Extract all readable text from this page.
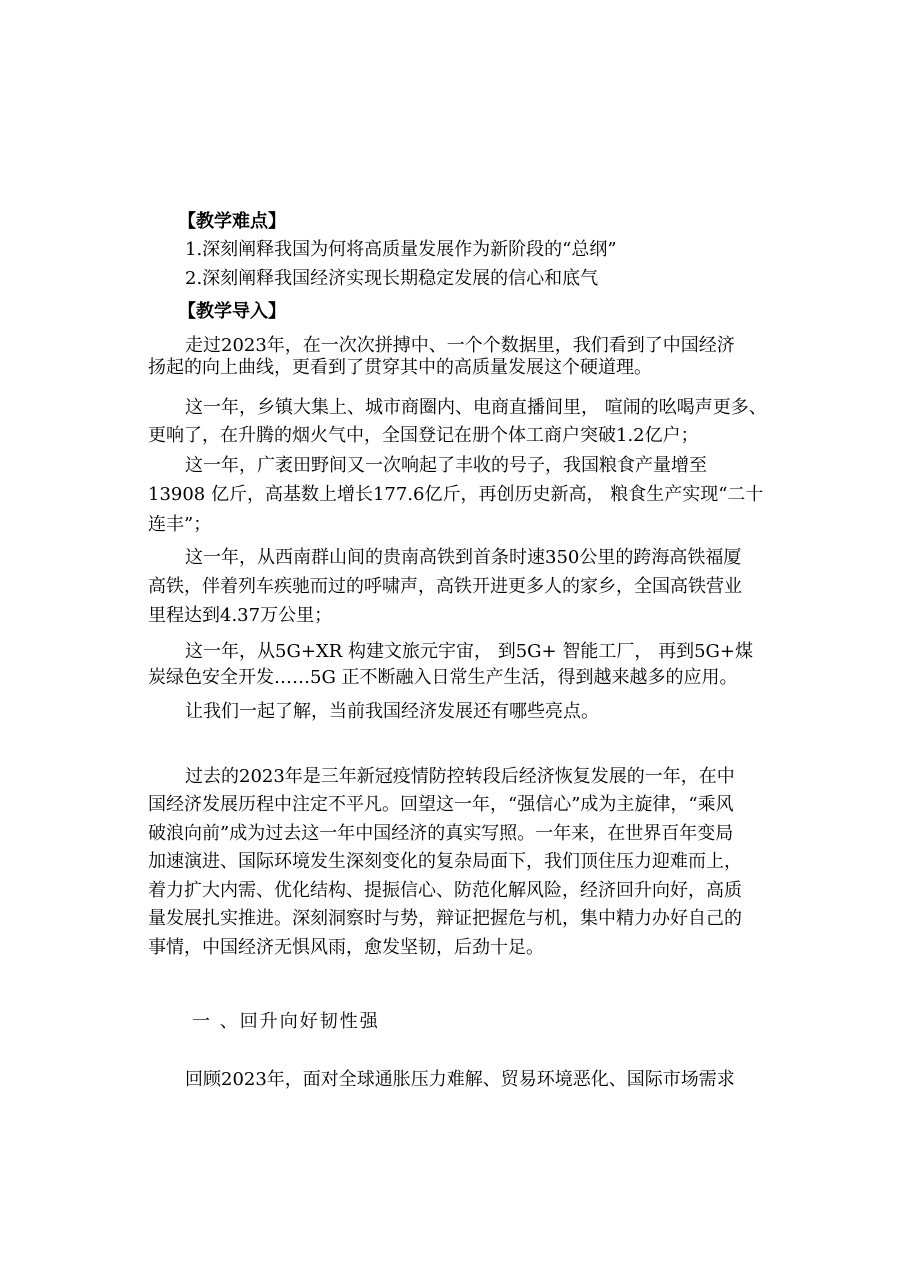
【教学难点】
1.深刻阐释我国为何将高质量发展作为新阶段的“总纲”
2.深刻阐释我国经济实现长期稳定发展的信心和底气
【教学导入】
走过2023年，在一次次拼搏中、一个个数据里，我们看到了中国经济
扬起的向上曲线，更看到了贯穿其中的高质量发展这个硬道理。
这一年，乡镇大集上、城市商圈内、电商直播间里， 喧闹的吆喝声更多、
更响了，在升腾的烟火气中，全国登记在册个体工商户突破1.2亿户；
这一年，广袤田野间又一次响起了丰收的号子，我国粮食产量增至
13908 亿斤，高基数上增长177.6亿斤，再创历史新高， 粮食生产实现“二十
连丰”；
这一年，从西南群山间的贵南高铁到首条时速350公里的跨海高铁福厦
高铁，伴着列车疾驰而过的呼啸声，高铁开进更多人的家乡，全国高铁营业
里程达到4.37万公里；
这一年，从5G+XR 构建文旅元宇宙， 到5G+ 智能工厂， 再到5G+煤
炭绿色安全开发……5G 正不断融入日常生产生活，得到越来越多的应用。
让我们一起了解，当前我国经济发展还有哪些亮点。
过去的2023年是三年新冠疫情防控转段后经济恢复发展的一年，在中
国经济发展历程中注定不平凡。回望这一年，“强信心”成为主旋律，“乘风
破浪向前”成为过去这一年中国经济的真实写照。一年来，在世界百年变局
加速演进、国际环境发生深刻变化的复杂局面下，我们顶住压力迎难而上，
着力扩大内需、优化结构、提振信心、防范化解风险，经济回升向好，高质
量发展扎实推进。深刻洞察时与势，辩证把握危与机，集中精力办好自己的
事情，中国经济无惧风雨，愈发坚韧，后劲十足。
一 、回升向好韧性强
回顾2023年，面对全球通胀压力难解、贸易环境恶化、国际市场需求
